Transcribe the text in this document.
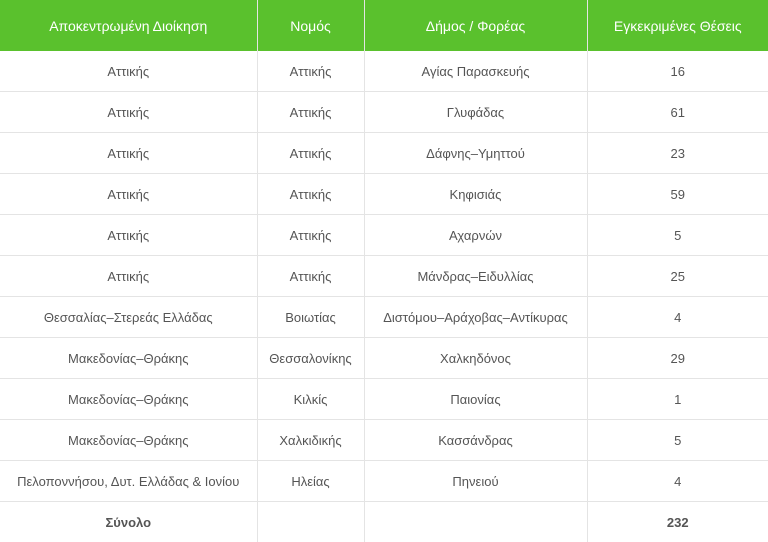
Αποκεντρωμένη Διοίκηση	Νομός	Δήμος / Φορέας	Εγκεκριμένες Θέσεις
Αττικής	Αττικής	Αγίας Παρασκευής	16
Αττικής	Αττικής	Γλυφάδας	61
Αττικής	Αττικής	Δάφνης–Υμηττού	23
Αττικής	Αττικής	Κηφισιάς	59
Αττικής	Αττικής	Αχαρνών	5
Αττικής	Αττικής	Μάνδρας–Ειδυλλίας	25
Θεσσαλίας–Στερεάς Ελλάδας	Βοιωτίας	Διστόμου–Αράχοβας–Αντίκυρας	4
Μακεδονίας–Θράκης	Θεσσαλονίκης	Χαλκηδόνος	29
Μακεδονίας–Θράκης	Κιλκίς	Παιονίας	1
Μακεδονίας–Θράκης	Χαλκιδικής	Κασσάνδρας	5
Πελοποννήσου, Δυτ. Ελλάδας & Ιονίου	Ηλείας	Πηνειού	4
Σύνολο			232
